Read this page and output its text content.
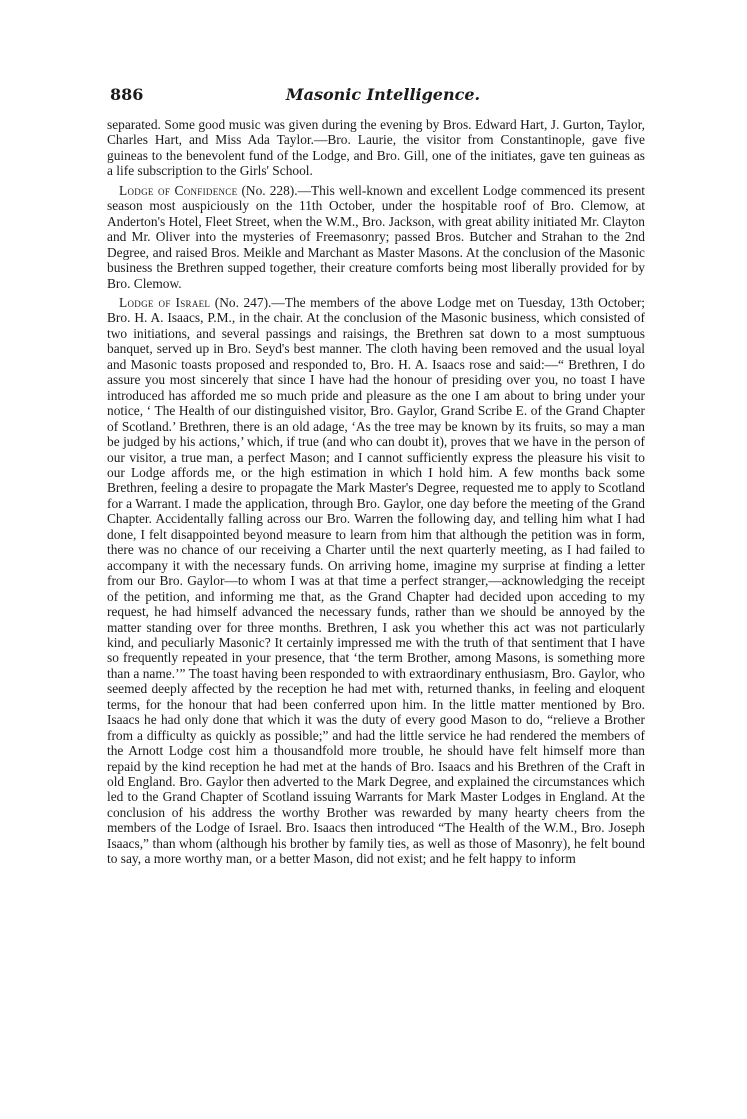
886	Masonic Intelligence.

separated. Some good music was given during the evening by Bros. Edward Hart, J. Gurton, Taylor, Charles Hart, and Miss Ada Taylor.—Bro. Laurie, the visitor from Constantinople, gave five guineas to the benevolent fund of the Lodge, and Bro. Gill, one of the initiates, gave ten guineas as a life subscription to the Girls' School.

Lodge of Confidence (No. 228).—This well-known and excellent Lodge commenced its present season most auspiciously on the 11th October, under the hospitable roof of Bro. Clemow, at Anderton's Hotel, Fleet Street, when the W.M., Bro. Jackson, with great ability initiated Mr. Clayton and Mr. Oliver into the mysteries of Freemasonry; passed Bros. Butcher and Strahan to the 2nd Degree, and raised Bros. Meikle and Marchant as Master Masons. At the conclusion of the Masonic business the Brethren supped together, their creature comforts being most liberally provided for by Bro. Clemow.

Lodge of Israel (No. 247).—The members of the above Lodge met on Tuesday, 13th October; Bro. H. A. Isaacs, P.M., in the chair. At the conclusion of the Masonic business, which consisted of two initiations, and several passings and raisings, the Brethren sat down to a most sumptuous banquet, served up in Bro. Seyd's best manner. The cloth having been removed and the usual loyal and Masonic toasts proposed and responded to, Bro. H. A. Isaacs rose and said:—“ Brethren, I do assure you most sincerely that since I have had the honour of presiding over you, no toast I have introduced has afforded me so much pride and pleasure as the one I am about to bring under your notice, ‘ The Health of our distinguished visitor, Bro. Gaylor, Grand Scribe E. of the Grand Chapter of Scotland.’ Brethren, there is an old adage, ‘As the tree may be known by its fruits, so may a man be judged by his actions,’ which, if true (and who can doubt it), proves that we have in the person of our visitor, a true man, a perfect Mason; and I cannot sufficiently express the pleasure his visit to our Lodge affords me, or the high estimation in which I hold him. A few months back some Brethren, feeling a desire to propagate the Mark Master's Degree, requested me to apply to Scotland for a Warrant. I made the application, through Bro. Gaylor, one day before the meeting of the Grand Chapter. Accidentally falling across our Bro. Warren the following day, and telling him what I had done, I felt disappointed beyond measure to learn from him that although the petition was in form, there was no chance of our receiving a Charter until the next quarterly meeting, as I had failed to accompany it with the necessary funds. On arriving home, imagine my surprise at finding a letter from our Bro. Gaylor—to whom I was at that time a perfect stranger,—acknowledging the receipt of the petition, and informing me that, as the Grand Chapter had decided upon acceding to my request, he had himself advanced the necessary funds, rather than we should be annoyed by the matter standing over for three months. Brethren, I ask you whether this act was not particularly kind, and peculiarly Masonic? It certainly impressed me with the truth of that sentiment that I have so frequently repeated in your presence, that ‘the term Brother, among Masons, is something more than a name.’” The toast having been responded to with extraordinary enthusiasm, Bro. Gaylor, who seemed deeply affected by the reception he had met with, returned thanks, in feeling and eloquent terms, for the honour that had been conferred upon him. In the little matter mentioned by Bro. Isaacs he had only done that which it was the duty of every good Mason to do, “relieve a Brother from a difficulty as quickly as possible;” and had the little service he had rendered the members of the Arnott Lodge cost him a thousandfold more trouble, he should have felt himself more than repaid by the kind reception he had met at the hands of Bro. Isaacs and his Brethren of the Craft in old England. Bro. Gaylor then adverted to the Mark Degree, and explained the circumstances which led to the Grand Chapter of Scotland issuing Warrants for Mark Master Lodges in England. At the conclusion of his address the worthy Brother was rewarded by many hearty cheers from the members of the Lodge of Israel. Bro. Isaacs then introduced “The Health of the W.M., Bro. Joseph Isaacs,” than whom (although his brother by family ties, as well as those of Masonry), he felt bound to say, a more worthy man, or a better Mason, did not exist; and he felt happy to inform
